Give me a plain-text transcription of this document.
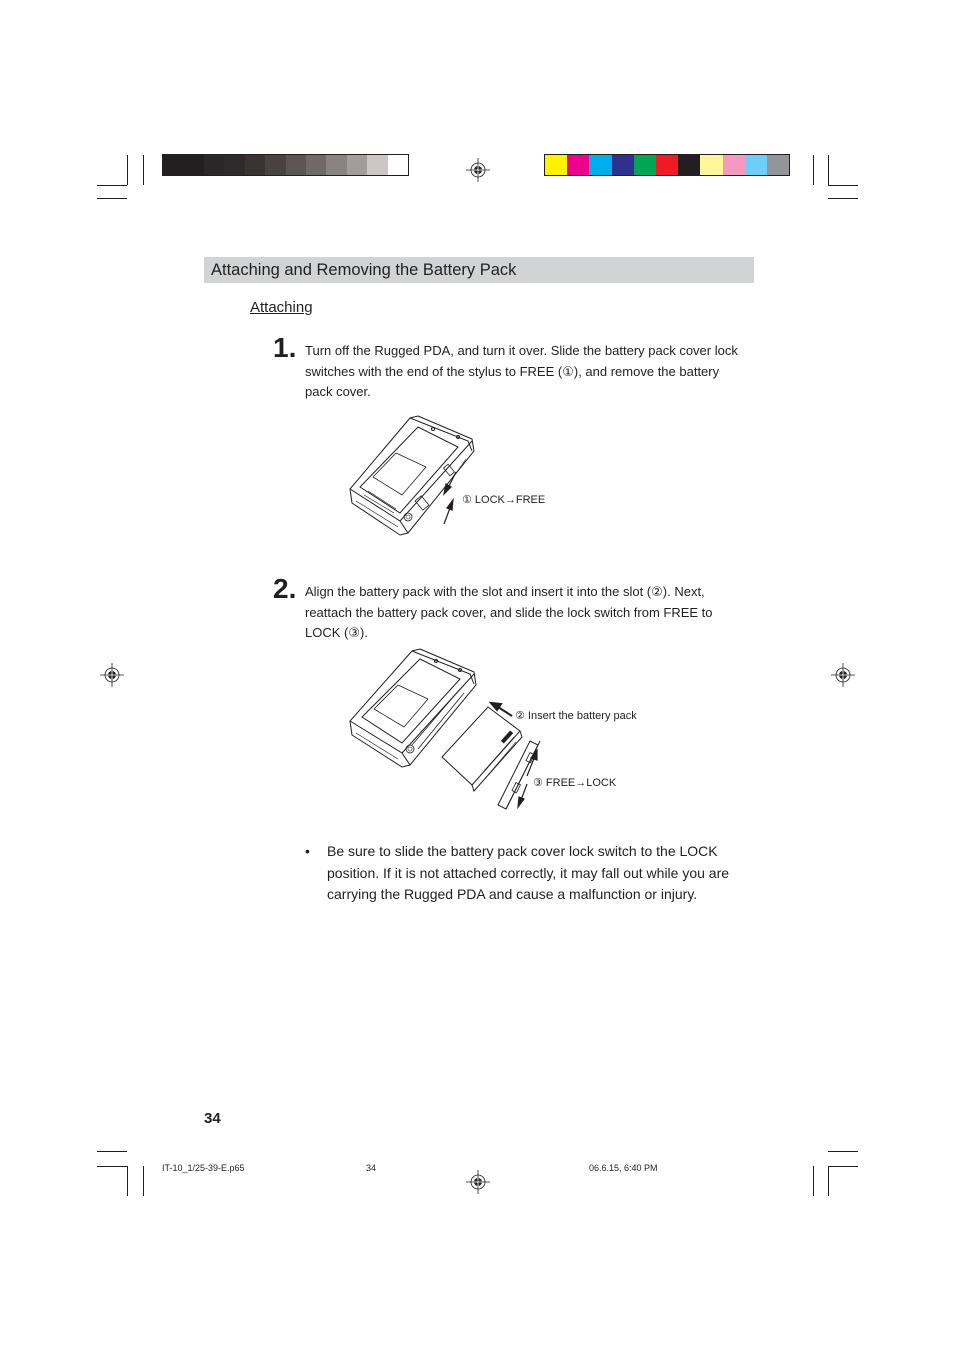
Attaching and Removing the Battery Pack
Attaching
1. Turn off the Rugged PDA, and turn it over. Slide the battery pack cover lock switches with the end of the stylus to FREE (①), and remove the battery pack cover.
① LOCK→FREE
2. Align the battery pack with the slot and insert it into the slot (②). Next, reattach the battery pack cover, and slide the lock switch from FREE to LOCK (③).
② Insert the battery pack
③ FREE→LOCK
• Be sure to slide the battery pack cover lock switch to the LOCK position. If it is not attached correctly, it may fall out while you are carrying the Rugged PDA and cause a malfunction or injury.
34
IT-10_1/25-39-E.p65	34	06.6.15, 6:40 PM
